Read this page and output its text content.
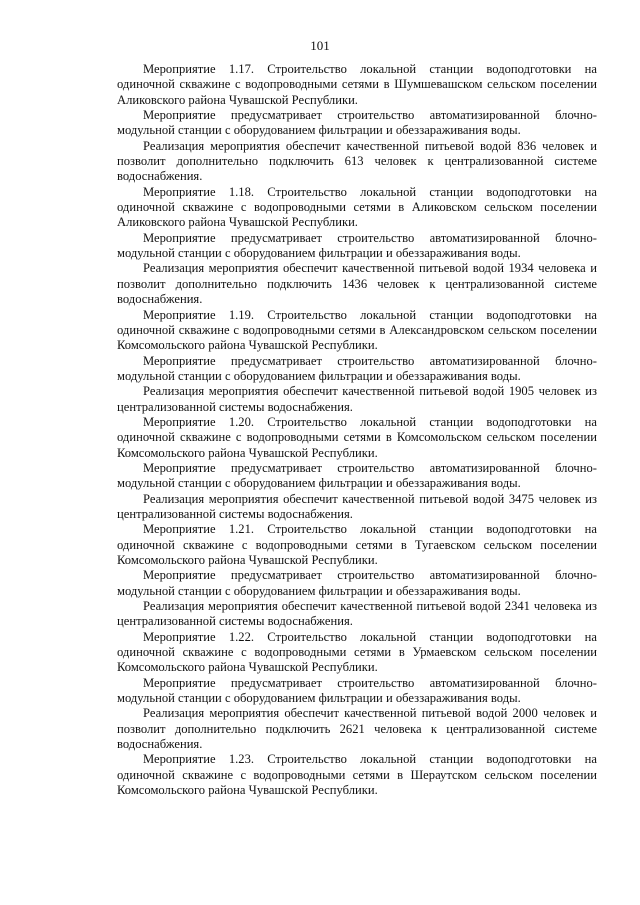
101

Мероприятие 1.17. Строительство локальной станции водоподготовки на одиночной скважине с водопроводными сетями в Шумшевашском сельском поселении Аликовского района Чувашской Республики.

Мероприятие предусматривает строительство автоматизированной блочно-модульной станции с оборудованием фильтрации и обеззараживания воды.

Реализация мероприятия обеспечит качественной питьевой водой 836 человек и позволит дополнительно подключить 613 человек к централизованной системе водоснабжения.

Мероприятие 1.18. Строительство локальной станции водоподготовки на одиночной скважине с водопроводными сетями в Аликовском сельском поселении Аликовского района Чувашской Республики.

Мероприятие предусматривает строительство автоматизированной блочно-модульной станции с оборудованием фильтрации и обеззараживания воды.

Реализация мероприятия обеспечит качественной питьевой водой 1934 человека и позволит дополнительно подключить 1436 человек к централизованной системе водоснабжения.

Мероприятие 1.19. Строительство локальной станции водоподготовки на одиночной скважине с водопроводными сетями в Александровском сельском поселении Комсомольского района Чувашской Республики.

Мероприятие предусматривает строительство автоматизированной блочно-модульной станции с оборудованием фильтрации и обеззараживания воды.

Реализация мероприятия обеспечит качественной питьевой водой 1905 человек из централизованной системы водоснабжения.

Мероприятие 1.20. Строительство локальной станции водоподготовки на одиночной скважине с водопроводными сетями в Комсомольском сельском поселении Комсомольского района Чувашской Республики.

Мероприятие предусматривает строительство автоматизированной блочно-модульной станции с оборудованием фильтрации и обеззараживания воды.

Реализация мероприятия обеспечит качественной питьевой водой 3475 человек из централизованной системы водоснабжения.

Мероприятие 1.21. Строительство локальной станции водоподготовки на одиночной скважине с водопроводными сетями в Тугаевском сельском поселении Комсомольского района Чувашской Республики.

Мероприятие предусматривает строительство автоматизированной блочно-модульной станции с оборудованием фильтрации и обеззараживания воды.

Реализация мероприятия обеспечит качественной питьевой водой 2341 человека из централизованной системы водоснабжения.

Мероприятие 1.22. Строительство локальной станции водоподготовки на одиночной скважине с водопроводными сетями в Урмаевском сельском поселении Комсомольского района Чувашской Республики.

Мероприятие предусматривает строительство автоматизированной блочно-модульной станции с оборудованием фильтрации и обеззараживания воды.

Реализация мероприятия обеспечит качественной питьевой водой 2000 человек и позволит дополнительно подключить 2621 человека к централизованной системе водоснабжения.

Мероприятие 1.23. Строительство локальной станции водоподготовки на одиночной скважине с водопроводными сетями в Шераутском сельском поселении Комсомольского района Чувашской Республики.
